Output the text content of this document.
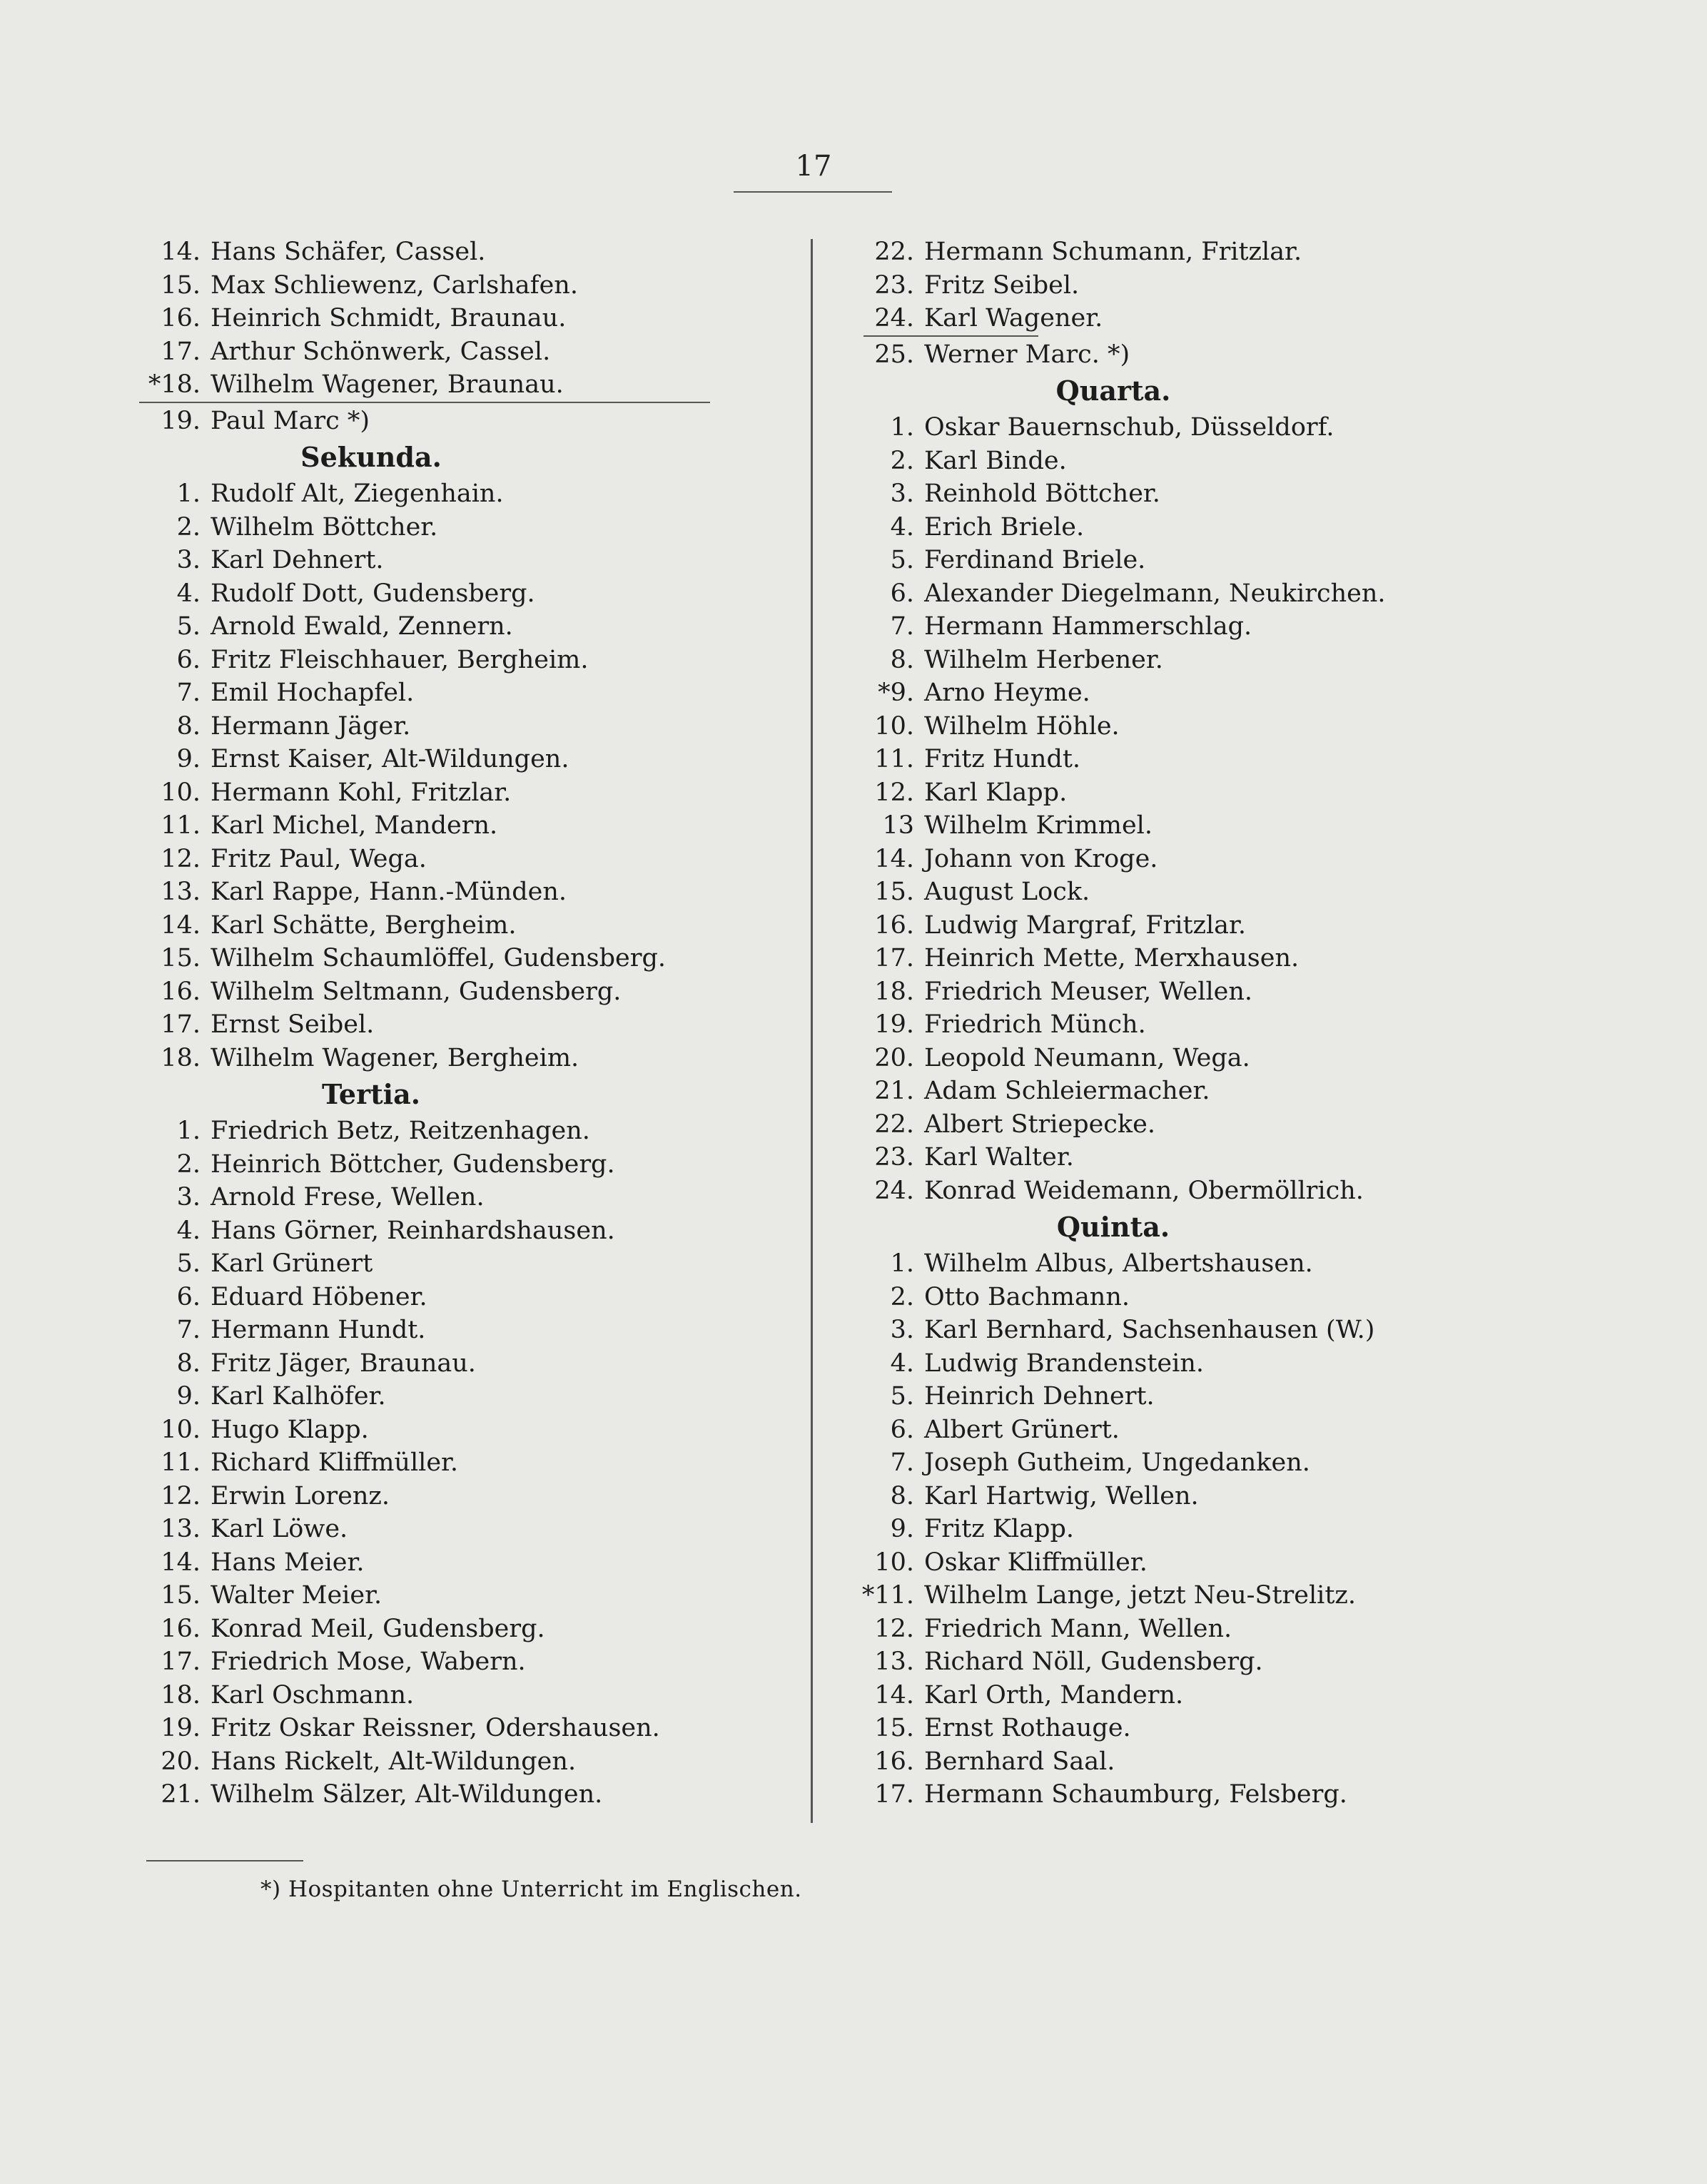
17
14. Hans Schäfer, Cassel.
15. Max Schliewenz, Carlshafen.
16. Heinrich Schmidt, Braunau.
17. Arthur Schönwerk, Cassel.
*18. Wilhelm Wagener, Braunau.
19. Paul Marc *)
Sekunda.
1. Rudolf Alt, Ziegenhain.
2. Wilhelm Böttcher.
3. Karl Dehnert.
4. Rudolf Dott, Gudensberg.
5. Arnold Ewald, Zennern.
6. Fritz Fleischhauer, Bergheim.
7. Emil Hochapfel.
8. Hermann Jäger.
9. Ernst Kaiser, Alt-Wildungen.
10. Hermann Kohl, Fritzlar.
11. Karl Michel, Mandern.
12. Fritz Paul, Wega.
13. Karl Rappe, Hann.-Münden.
14. Karl Schätte, Bergheim.
15. Wilhelm Schaumlöffel, Gudensberg.
16. Wilhelm Seltmann, Gudensberg.
17. Ernst Seibel.
18. Wilhelm Wagener, Bergheim.
Tertia.
1. Friedrich Betz, Reitzenhagen.
2. Heinrich Böttcher, Gudensberg.
3. Arnold Frese, Wellen.
4. Hans Görner, Reinhardshausen.
5. Karl Grünert
6. Eduard Höbener.
7. Hermann Hundt.
8. Fritz Jäger, Braunau.
9. Karl Kalhöfer.
10. Hugo Klapp.
11. Richard Kliffmüller.
12. Erwin Lorenz.
13. Karl Löwe.
14. Hans Meier.
15. Walter Meier.
16. Konrad Meil, Gudensberg.
17. Friedrich Mose, Wabern.
18. Karl Oschmann.
19. Fritz Oskar Reissner, Odershausen.
20. Hans Rickelt, Alt-Wildungen.
21. Wilhelm Sälzer, Alt-Wildungen.
22. Hermann Schumann, Fritzlar.
23. Fritz Seibel.
24. Karl Wagener.
25. Werner Marc. *)
Quarta.
1. Oskar Bauernschub, Düsseldorf.
2. Karl Binde.
3. Reinhold Böttcher.
4. Erich Briele.
5. Ferdinand Briele.
6. Alexander Diegelmann, Neukirchen.
7. Hermann Hammerschlag.
8. Wilhelm Herbener.
*9. Arno Heyme.
10. Wilhelm Höhle.
11. Fritz Hundt.
12. Karl Klapp.
13 Wilhelm Krimmel.
14. Johann von Kroge.
15. August Lock.
16. Ludwig Margraf, Fritzlar.
17. Heinrich Mette, Merxhausen.
18. Friedrich Meuser, Wellen.
19. Friedrich Münch.
20. Leopold Neumann, Wega.
21. Adam Schleiermacher.
22. Albert Striepecke.
23. Karl Walter.
24. Konrad Weidemann, Obermöllrich.
Quinta.
1. Wilhelm Albus, Albertshausen.
2. Otto Bachmann.
3. Karl Bernhard, Sachsenhausen (W.)
4. Ludwig Brandenstein.
5. Heinrich Dehnert.
6. Albert Grünert.
7. Joseph Gutheim, Ungedanken.
8. Karl Hartwig, Wellen.
9. Fritz Klapp.
10. Oskar Kliffmüller.
*11. Wilhelm Lange, jetzt Neu-Strelitz.
12. Friedrich Mann, Wellen.
13. Richard Nöll, Gudensberg.
14. Karl Orth, Mandern.
15. Ernst Rothauge.
16. Bernhard Saal.
17. Hermann Schaumburg, Felsberg.
*) Hospitanten ohne Unterricht im Englischen.
